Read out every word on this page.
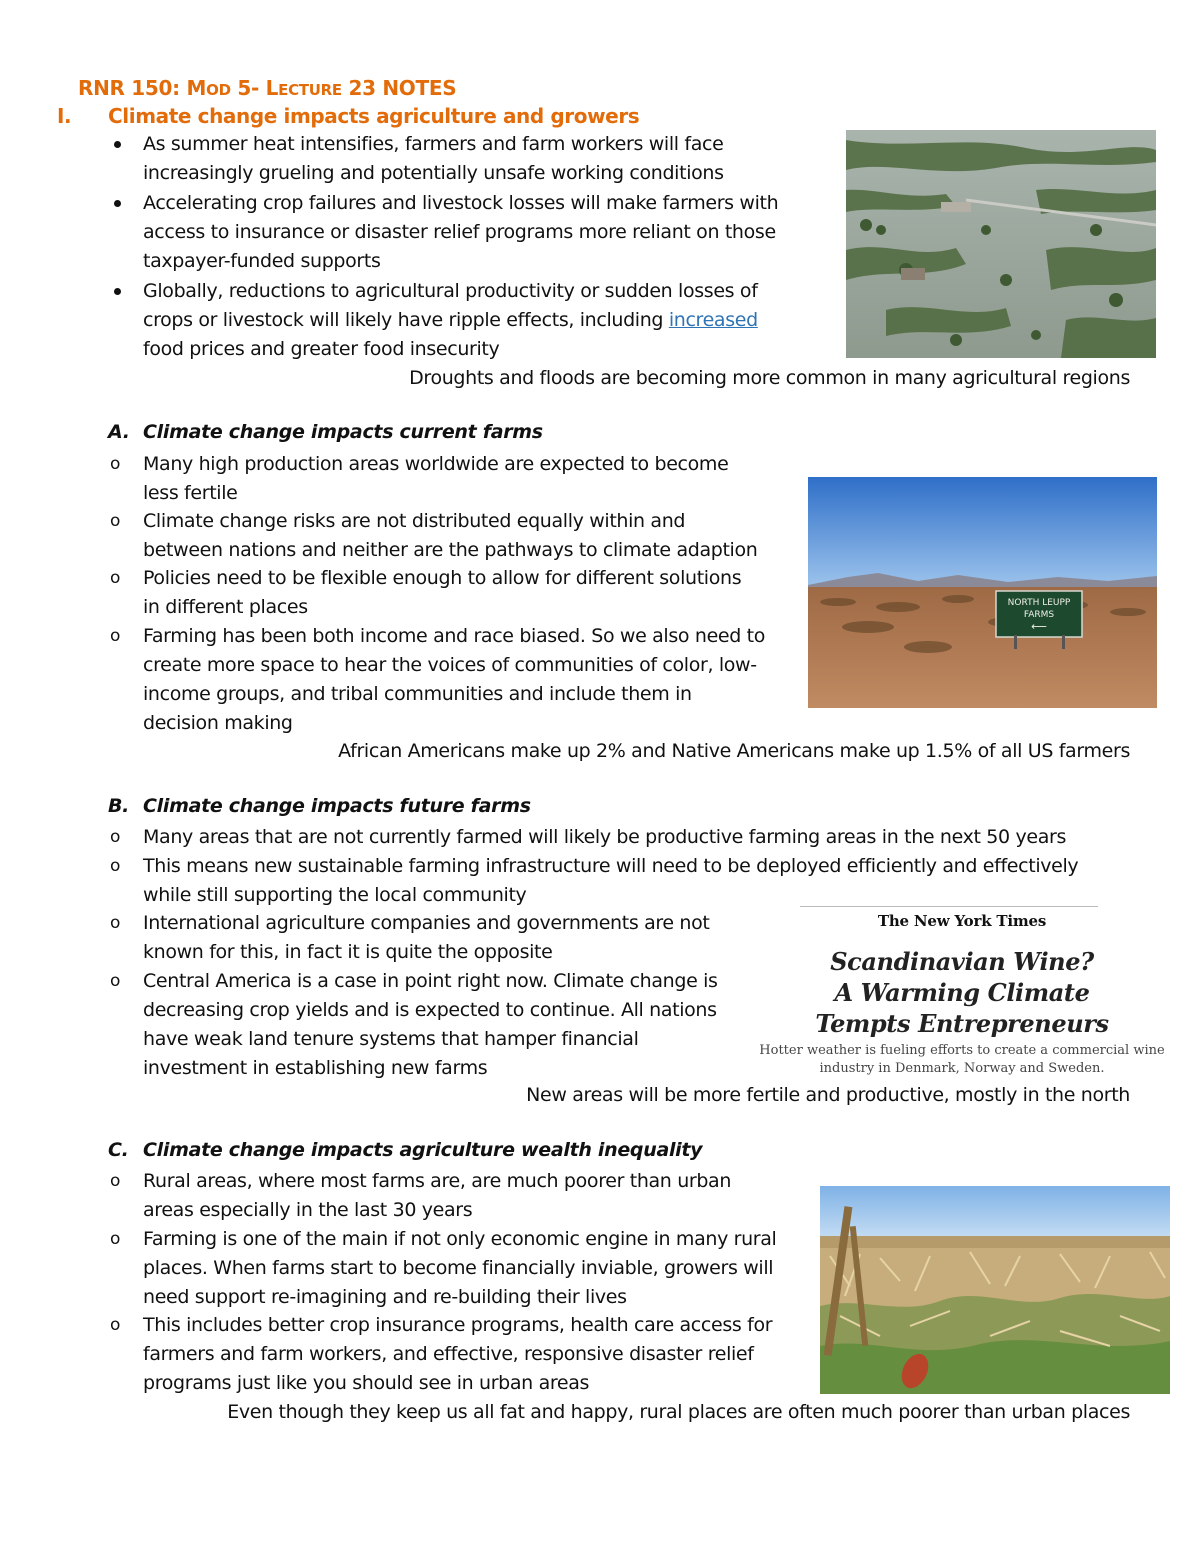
RNR 150: MOD 5- LECTURE 23 NOTES
I. Climate change impacts agriculture and growers
As summer heat intensifies, farmers and farm workers will face
increasingly grueling and potentially unsafe working conditions
Accelerating crop failures and livestock losses will make farmers with
access to insurance or disaster relief programs more reliant on those
taxpayer-funded supports
Globally, reductions to agricultural productivity or sudden losses of
crops or livestock will likely have ripple effects, including increased
food prices and greater food insecurity
Droughts and floods are becoming more common in many agricultural regions
A. Climate change impacts current farms
o Many high production areas worldwide are expected to become
less fertile
o Climate change risks are not distributed equally within and
between nations and neither are the pathways to climate adaption
o Policies need to be flexible enough to allow for different solutions
in different places
o Farming has been both income and race biased. So we also need to
create more space to hear the voices of communities of color, low-
income groups, and tribal communities and include them in
decision making
NORTH LEUPP
FARMS
⟵
African Americans make up 2% and Native Americans make up 1.5% of all US farmers
B. Climate change impacts future farms
o Many areas that are not currently farmed will likely be productive farming areas in the next 50 years
o This means new sustainable farming infrastructure will need to be deployed efficiently and effectively
while still supporting the local community
o International agriculture companies and governments are not
known for this, in fact it is quite the opposite
o Central America is a case in point right now. Climate change is
decreasing crop yields and is expected to continue. All nations
have weak land tenure systems that hamper financial
investment in establishing new farms
The New York Times
Scandinavian Wine?
A Warming Climate
Tempts Entrepreneurs
Hotter weather is fueling efforts to create a commercial wine
industry in Denmark, Norway and Sweden.
New areas will be more fertile and productive, mostly in the north
C. Climate change impacts agriculture wealth inequality
o Rural areas, where most farms are, are much poorer than urban
areas especially in the last 30 years
o Farming is one of the main if not only economic engine in many rural
places. When farms start to become financially inviable, growers will
need support re-imagining and re-building their lives
o This includes better crop insurance programs, health care access for
farmers and farm workers, and effective, responsive disaster relief
programs just like you should see in urban areas
Even though they keep us all fat and happy, rural places are often much poorer than urban places
